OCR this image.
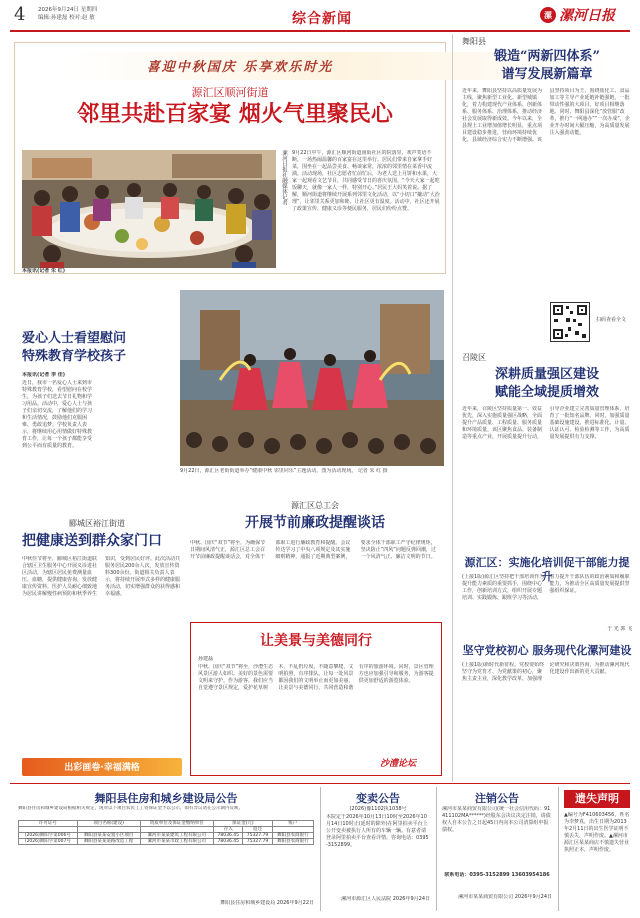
4 2026年9月24日 星期四
编辑:孙建磊 校对:赵 敏	综合新闻	漯 漯河日报
喜迎中秋国庆 乐享欢乐时光
源汇区顺河街道
邻里共赴百家宴 烟火气里聚民心
漯河日报社融媒体记者 9月22日中午，源汇区顺河街道南街社区的院落里，欢声笑语不断，一场热闹温馨的百家宴在这里举行。居民们带来自家拿手好菜，围坐在一起品尝美食、畅谈家常，浓浓的邻里情在菜香中流淌。活动现场，社区志愿者忙前忙后，为老人送上月饼和水果，大家一起观看文艺节目，共同感受节日的喜庆氛围。“今天大家一起吃饭聊天，就像一家人一样，特别开心。”居民王大妈笑着说。据了解，顺河街道将继续开展系列邻里文化活动，以“小切口”撬动“大治理”，让邻里关系更加和睦，让社区更有温度。活动中，社区还开展了政策宣传、健康义诊等便民服务，居民们纷纷点赞。
本报讯(记者 朱 红)
爱心人士看望慰问
特殊教育学校孩子
本报讯(记者 李 佳)
近日，我市一名爱心人士来到市特殊教育学校，看望慰问在校学生，为孩子们送去节日礼物和学习用品。活动中，爱心人士与孩子们亲切交流，了解他们的学习和生活情况，鼓励他们克服困难、勇敢追梦。学校负责人表示，将继续用心用情做好特殊教育工作，让每一个孩子都能享受到公平而有质量的教育。
9月22日，源汇区老街街道举办“健康中秋 邻里同乐”主题活动。图为活动现场。 记者 朱 红 摄
郾城区裕江街道
把健康送到群众家门口
中秋佳节将至，郾城区裕江街道联合辖区卫生服务中心开展义诊进社区活动，为辖区居民免费测量血压、血糖，提供健康咨询，发放健康宣传资料。医护人员耐心细致地为居民讲解慢性病预防和秋季养生知识，受到居民好评。此次活动共服务居民200余人次，发放宣传资料300余份。街道相关负责人表示，将持续开展形式多样的健康服务活动，切实增强群众的获得感和幸福感。
源汇区总工会
开展节前廉政提醒谈话
中秋、国庆“双节”将至，为确保节日期间风清气正，源汇区总工会召开节前廉政提醒谈话会，对全体干部职工进行廉政教育和提醒。会议传达学习了中央八项规定及其实施细则精神，通报了近期典型案例，要求全体干部职工严守纪律规矩，坚决防止“四风”问题反弹回潮，过一个风清气正、廉洁文明的节日。
让美景与美德同行
孙建磊
中秋、国庆“双节”将至，沙澧生态风景区游人如织。美好的景色需要文明来守护。作为游客，我们应当自觉遵守景区规定，爱护花草树木，不乱扔垃圾，不随意攀爬，文明拍照，有序排队。让每一处风景都因我们的文明举止而更加美丽，让美景与美德同行，共同营造和谐有序的旅游环境。同时，景区管理方也应加强引导和服务，为游客提供更加舒适的游览体验。
沙澧论坛
出彩画卷·幸福满格
舞阳县
锻造“两新四体系”
谱写发展新篇章
近年来，舞阳县坚持以高质量发展为主线，聚焦新型工业化、新型城镇化，着力构建现代产业体系、创新体系、服务体系、治理体系，推动经济社会发展取得新成效。今年以来，全县规上工业增加值增长明显，重点项目建设稳步推进，营商环境持续优化，县域经济综合实力不断增强。该县坚持项目为王，围绕盐化工、食品加工等主导产业延链补链强链，一批带动性强的大项目、好项目相继落地。同时，舞阳县深化“放管服”改革，推行“一网通办”“一次办成”，企业开办时间大幅压缩，为高质量发展注入强劲动能。
扫码查看全文
召陵区
深耕质量强区建设
赋能全域提质增效
近年来，召陵区坚持质量第一、效益优先，深入实施质量强区战略，全面提升产品质量、工程质量、服务质量和环境质量。该区聚焦食品、装备制造等重点产业，开展质量提升行动，引导企业建立完善质量管理体系，培育了一批知名品牌。同时，加强质量基础设施建设，推进标准化、计量、认证认可、检验检测等工作，为高质量发展提供有力支撑。
源汇区：实施化培训促干部能力提升
(上接1版)源汇区坚持把干部培训作为提升能力素质的重要抓手，围绕中心工作，创新培训方式，组织开展专题培训、实践锻炼、跟班学习等活动，着力提升干部队伍的政治素质和履职能力，为推动全区高质量发展提供坚强组织保证。
于 光 郭 飞
坚守党校初心 服务现代化漯河建设
(上接1版)新时代新征程，党校要始终坚守为党育才、为党献策的初心，聚焦主责主业，深化教学改革，加强理论研究和决策咨询，为推动漯河现代化建设作出新的更大贡献。
舞阳县住房和城乡建设局公告
舞阳县住房和城乡建设局根据相关规定，现对以下项目农民工工资保证金予以公示，如有异议请在公示期内反映。
许可证号	项目名称(建设)	资质单位及保证金缴纳单位	保证金(元)		账户
			存入	返还	
(2026)舞阳字第006号	舞阳县某某安置小区项目	漯河市某某建筑工程有限公司	78036.45	75327.79	舞阳县农商银行
(2026)舞阳字第007号	舞阳县某某道路改造工程	漯河市某某市政工程有限公司	78036.45	75327.79	舞阳县农商银行
舞阳县住房和城乡建设局 2026年9月22日
变卖公告
(2026)豫1102执1038号
本院定于2026年10月13日10时至2026年10月14日10时止(延时的除外)在阿里拍卖平台上公开变卖被执行人所有的车辆一辆。有意者请登录阿里拍卖平台查看详情。咨询电话：0395-3152899。
漯河市源汇区人民法院 2026年9月24日
注销公告
漯河市某某商贸有限公司(统一社会信用代码：91411102MA******)经股东会决议决定注销，请债权人自本公告之日起45日内向本公司清算组申报债权。
联系电话：0395-3152899 13603954186
漯河市某某商贸有限公司 2026年9月24日
遗失声明
▲编号为F410603456，姓名为李梦真，出生日期为2013年2月11日的出生医学证明不慎丢失，声明作废。▲漯河市源汇区某某商店不慎遗失营业执照正本，声明作废。
